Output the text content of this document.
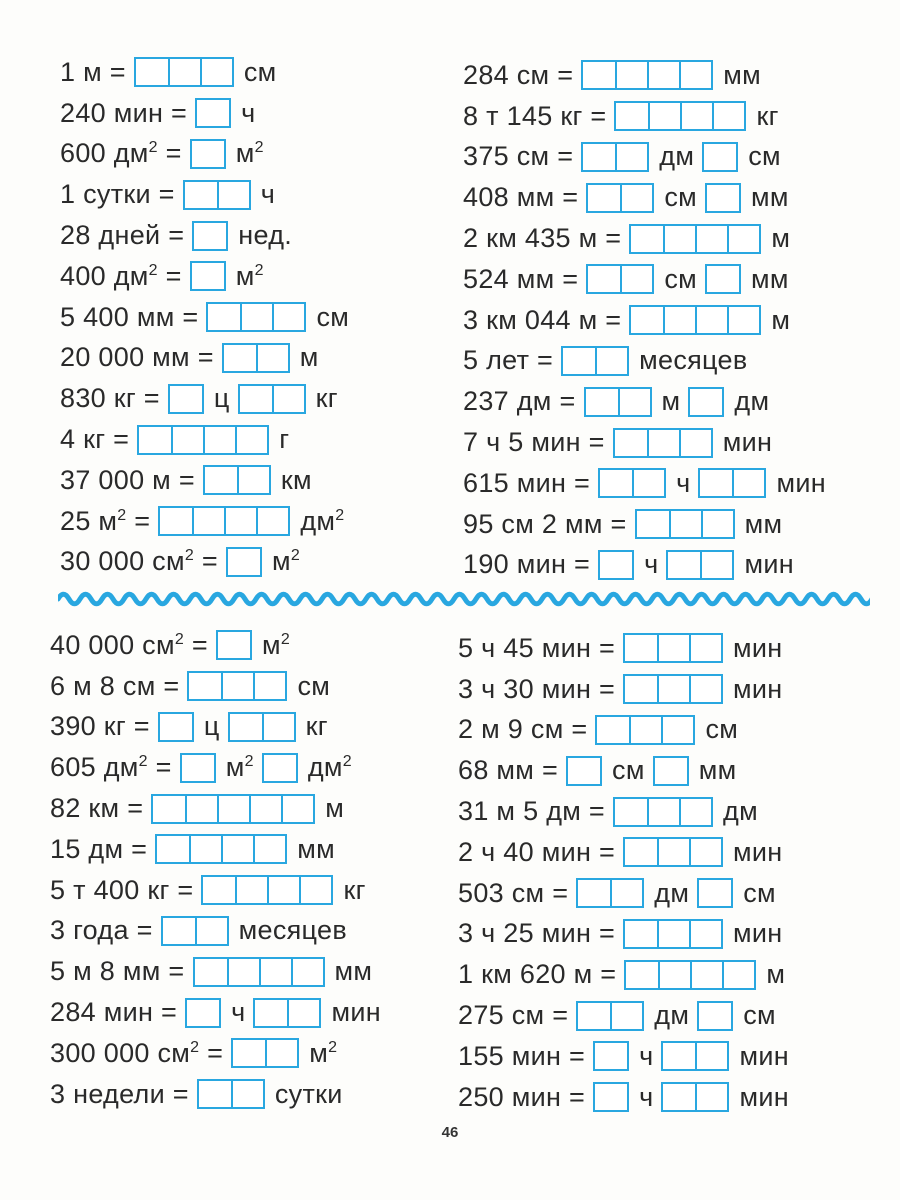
1 м =	см
240 мин = ч
600 $дм^2 = м^2$
1 сутки =	ч
28 дней = нед.
400 $дм^2 = м^2$
5 400 мм =	см
20 000 мм =	м
830 кг = ц	кг
4 кг =	г
37 000 м =	км
25 $м^2$ =	$дм^2$
30 000 $см^2 = м^2$
284 см =	мм
8 т 145 кг =	кг
375 см =	дм см
408 мм =	см мм
2 км 435 м =	м
524 мм =	см мм
3 км 044 м =	м
5 лет =	месяцев
237 дм =	м дм
7 ч 5 мин =	мин
615 мин =	ч	мин
95 см 2 мм =	мм
190 мин = ч	мин
40 000 $см^2 = м^2$
6 м 8 см =	см
390 кг = ц	кг
605 $дм^2 = м^2$ $дм^2$
82 км =	м
15 дм =	мм
5 т 400 кг =	кг
3 года =	месяцев
5 м 8 мм =	мм
284 мин = ч	мин
300 000 $см^2$ =	$м^2$
3 недели =	сутки
5 ч 45 мин =	мин
3 ч 30 мин =	мин
2 м 9 см =	см
68 мм = см мм
31 м 5 дм =	дм
2 ч 40 мин =	мин
503 см =	дм см
3 ч 25 мин =	мин
1 км 620 м =	м
275 см =	дм см
155 мин = ч	мин
250 мин = ч	мин
46
